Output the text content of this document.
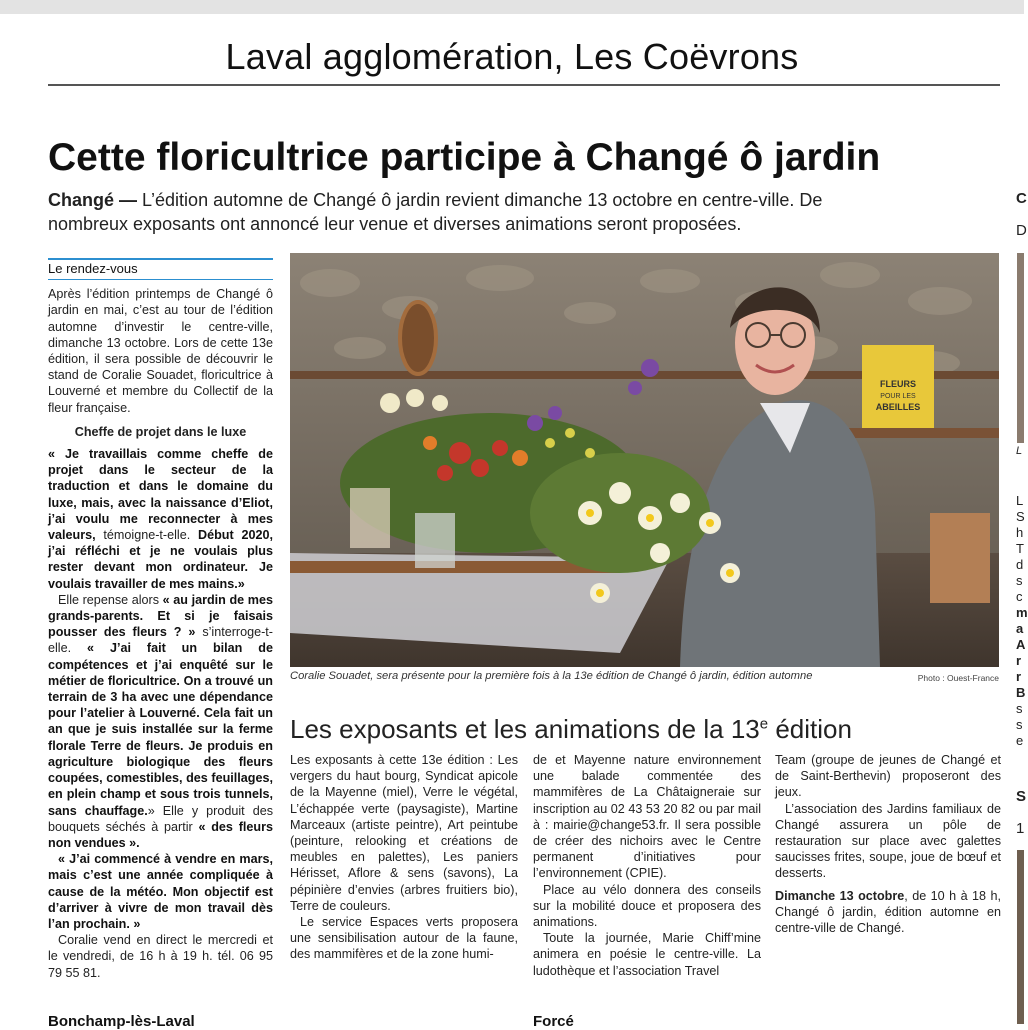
Laval agglomération, Les Coëvrons
Cette floricultrice participe à Changé ô jardin
Changé — L’édition automne de Changé ô jardin revient dimanche 13 octobre en centre-ville. De nombreux exposants ont annoncé leur venue et diverses animations seront proposées.
Le rendez-vous

Après l’édition printemps de Changé ô jardin en mai, c’est au tour de l’édition automne d’investir le centre-ville, dimanche 13 octobre. Lors de cette 13e édition, il sera possible de découvrir le stand de Coralie Souadet, floricultrice à Louverné et membre du Collectif de la fleur française.

Cheffe de projet dans le luxe

« Je travaillais comme cheffe de projet dans le secteur de la traduction et dans le domaine du luxe, mais, avec la naissance d’Eliot, j’ai voulu me reconnecter à mes valeurs, témoigne-t-elle. Début 2020, j’ai réfléchi et je ne voulais plus rester devant mon ordinateur. Je voulais travailler de mes mains.»

Elle repense alors « au jardin de mes grands-parents. Et si je faisais pousser des fleurs ? » s’interroge-t-elle. « J’ai fait un bilan de compétences et j’ai enquêté sur le métier de floricultrice. On a trouvé un terrain de 3 ha avec une dépendance pour l’atelier à Louverné. Cela fait un an que je suis installée sur la ferme florale Terre de fleurs. Je produis en agriculture biologique des fleurs coupées, comestibles, des feuillages, en plein champ et sous trois tunnels, sans chauffage.» Elle y produit des bouquets séchés à partir « des fleurs non vendues ».

« J’ai commencé à vendre en mars, mais c’est une année compliquée à cause de la météo. Mon objectif est d’arriver à vivre de mon travail dès l’an prochain. »

Coralie vend en direct le mercredi et le vendredi, de 16 h à 19 h. tél. 06 95 79 55 81.

FLEURS
POUR LES
ABEILLES
Coralie Souadet, sera présente pour la première fois à la 13e édition de Changé ô jardin, édition automne	Photo : Ouest-France
Les exposants et les animations de la 13e édition

Les exposants à cette 13e édition : Les vergers du haut bourg, Syndicat apicole de la Mayenne (miel), Verre le végétal, L’échappée verte (paysagiste), Martine Marceaux (artiste peintre), Art peintube (peinture, relooking et créations de meubles en palettes), Les paniers Hérisset, Aflore & sens (savons), La pépinière d’envies (arbres fruitiers bio), Terre de couleurs.

Le service Espaces verts proposera une sensibilisation autour de la faune, des mammifères et de la zone humi-

de et Mayenne nature environnement une balade commentée des mammifères de La Châtaigneraie sur inscription au 02 43 53 20 82 ou par mail à : mairie@change53.fr. Il sera possible de créer des nichoirs avec le Centre permanent d’initiatives pour l’environnement (CPIE).

Place au vélo donnera des conseils sur la mobilité douce et proposera des animations.

Toute la journée, Marie Chiff’mine animera en poésie le centre-ville. La ludothèque et l’association Travel

Team (groupe de jeunes de Changé et de Saint-Berthevin) proposeront des jeux.

L’association des Jardins familiaux de Changé assurera un pôle de restauration sur place avec galettes saucisses frites, soupe, joue de bœuf et desserts.

Dimanche 13 octobre, de 10 h à 18 h, Changé ô jardin, édition automne en centre-ville de Changé.

Bonchamp-lès-Laval	Forcé
C
D
L
L
S
h
T
d
s
c
m
a
A
r
r
B
s
s
e
S
1
